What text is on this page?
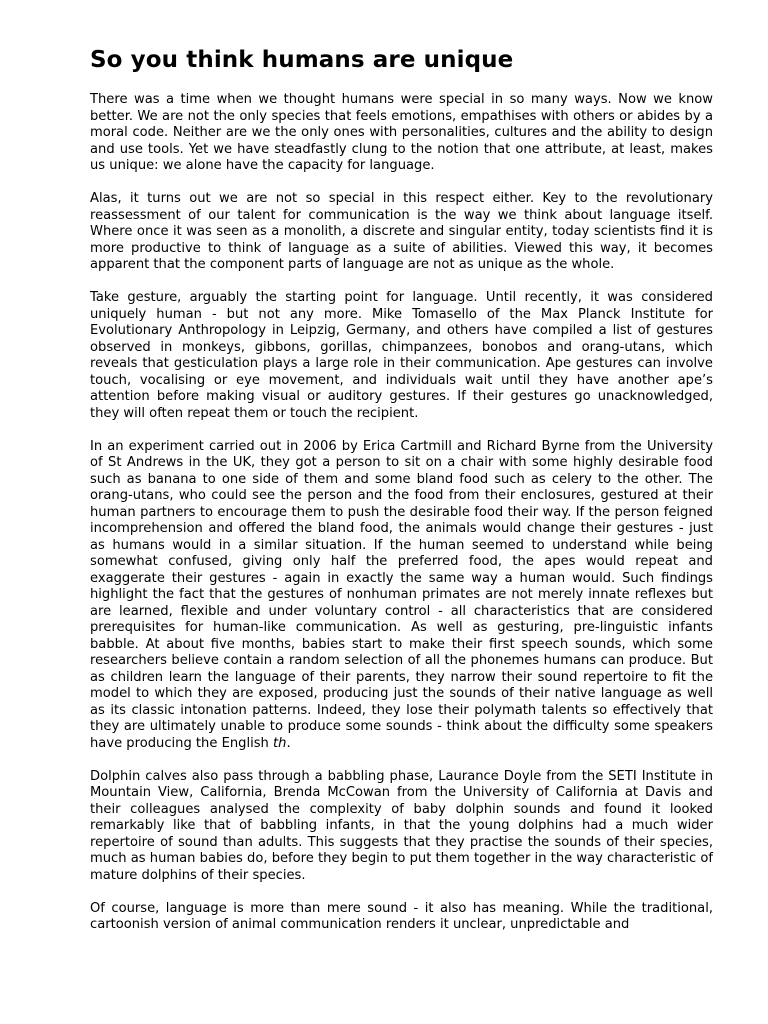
So you think humans are unique

There was a time when we thought humans were special in so many ways. Now we know better. We are not the only species that feels emotions, empathises with others or abides by a moral code. Neither are we the only ones with personalities, cultures and the ability to design and use tools. Yet we have steadfastly clung to the notion that one attribute, at least, makes us unique: we alone have the capacity for language.

Alas, it turns out we are not so special in this respect either. Key to the revolutionary reassessment of our talent for communication is the way we think about language itself. Where once it was seen as a monolith, a discrete and singular entity, today scientists find it is more productive to think of language as a suite of abilities. Viewed this way, it becomes apparent that the component parts of language are not as unique as the whole.

Take gesture, arguably the starting point for language. Until recently, it was considered uniquely human - but not any more. Mike Tomasello of the Max Planck Institute for Evolutionary Anthropology in Leipzig, Germany, and others have compiled a list of gestures observed in monkeys, gibbons, gorillas, chimpanzees, bonobos and orang-utans, which reveals that gesticulation plays a large role in their communication. Ape gestures can involve touch, vocalising or eye movement, and individuals wait until they have another ape’s attention before making visual or auditory gestures. If their gestures go unacknowledged, they will often repeat them or touch the recipient.

In an experiment carried out in 2006 by Erica Cartmill and Richard Byrne from the University of St Andrews in the UK, they got a person to sit on a chair with some highly desirable food such as banana to one side of them and some bland food such as celery to the other. The orang-utans, who could see the person and the food from their enclosures, gestured at their human partners to encourage them to push the desirable food their way. If the person feigned incomprehension and offered the bland food, the animals would change their gestures - just as humans would in a similar situation. If the human seemed to understand while being somewhat confused, giving only half the preferred food, the apes would repeat and exaggerate their gestures - again in exactly the same way a human would. Such findings highlight the fact that the gestures of nonhuman primates are not merely innate reflexes but are learned, flexible and under voluntary control - all characteristics that are considered prerequisites for human-like communication. As well as gesturing, pre-linguistic infants babble. At about five months, babies start to make their first speech sounds, which some researchers believe contain a random selection of all the phonemes humans can produce. But as children learn the language of their parents, they narrow their sound repertoire to fit the model to which they are exposed, producing just the sounds of their native language as well as its classic intonation patterns. Indeed, they lose their polymath talents so effectively that they are ultimately unable to produce some sounds - think about the difficulty some speakers have producing the English th.

Dolphin calves also pass through a babbling phase, Laurance Doyle from the SETI Institute in Mountain View, California, Brenda McCowan from the University of California at Davis and their colleagues analysed the complexity of baby dolphin sounds and found it looked remarkably like that of babbling infants, in that the young dolphins had a much wider repertoire of sound than adults. This suggests that they practise the sounds of their species, much as human babies do, before they begin to put them together in the way characteristic of mature dolphins of their species.

Of course, language is more than mere sound - it also has meaning. While the traditional, cartoonish version of animal communication renders it unclear, unpredictable and
